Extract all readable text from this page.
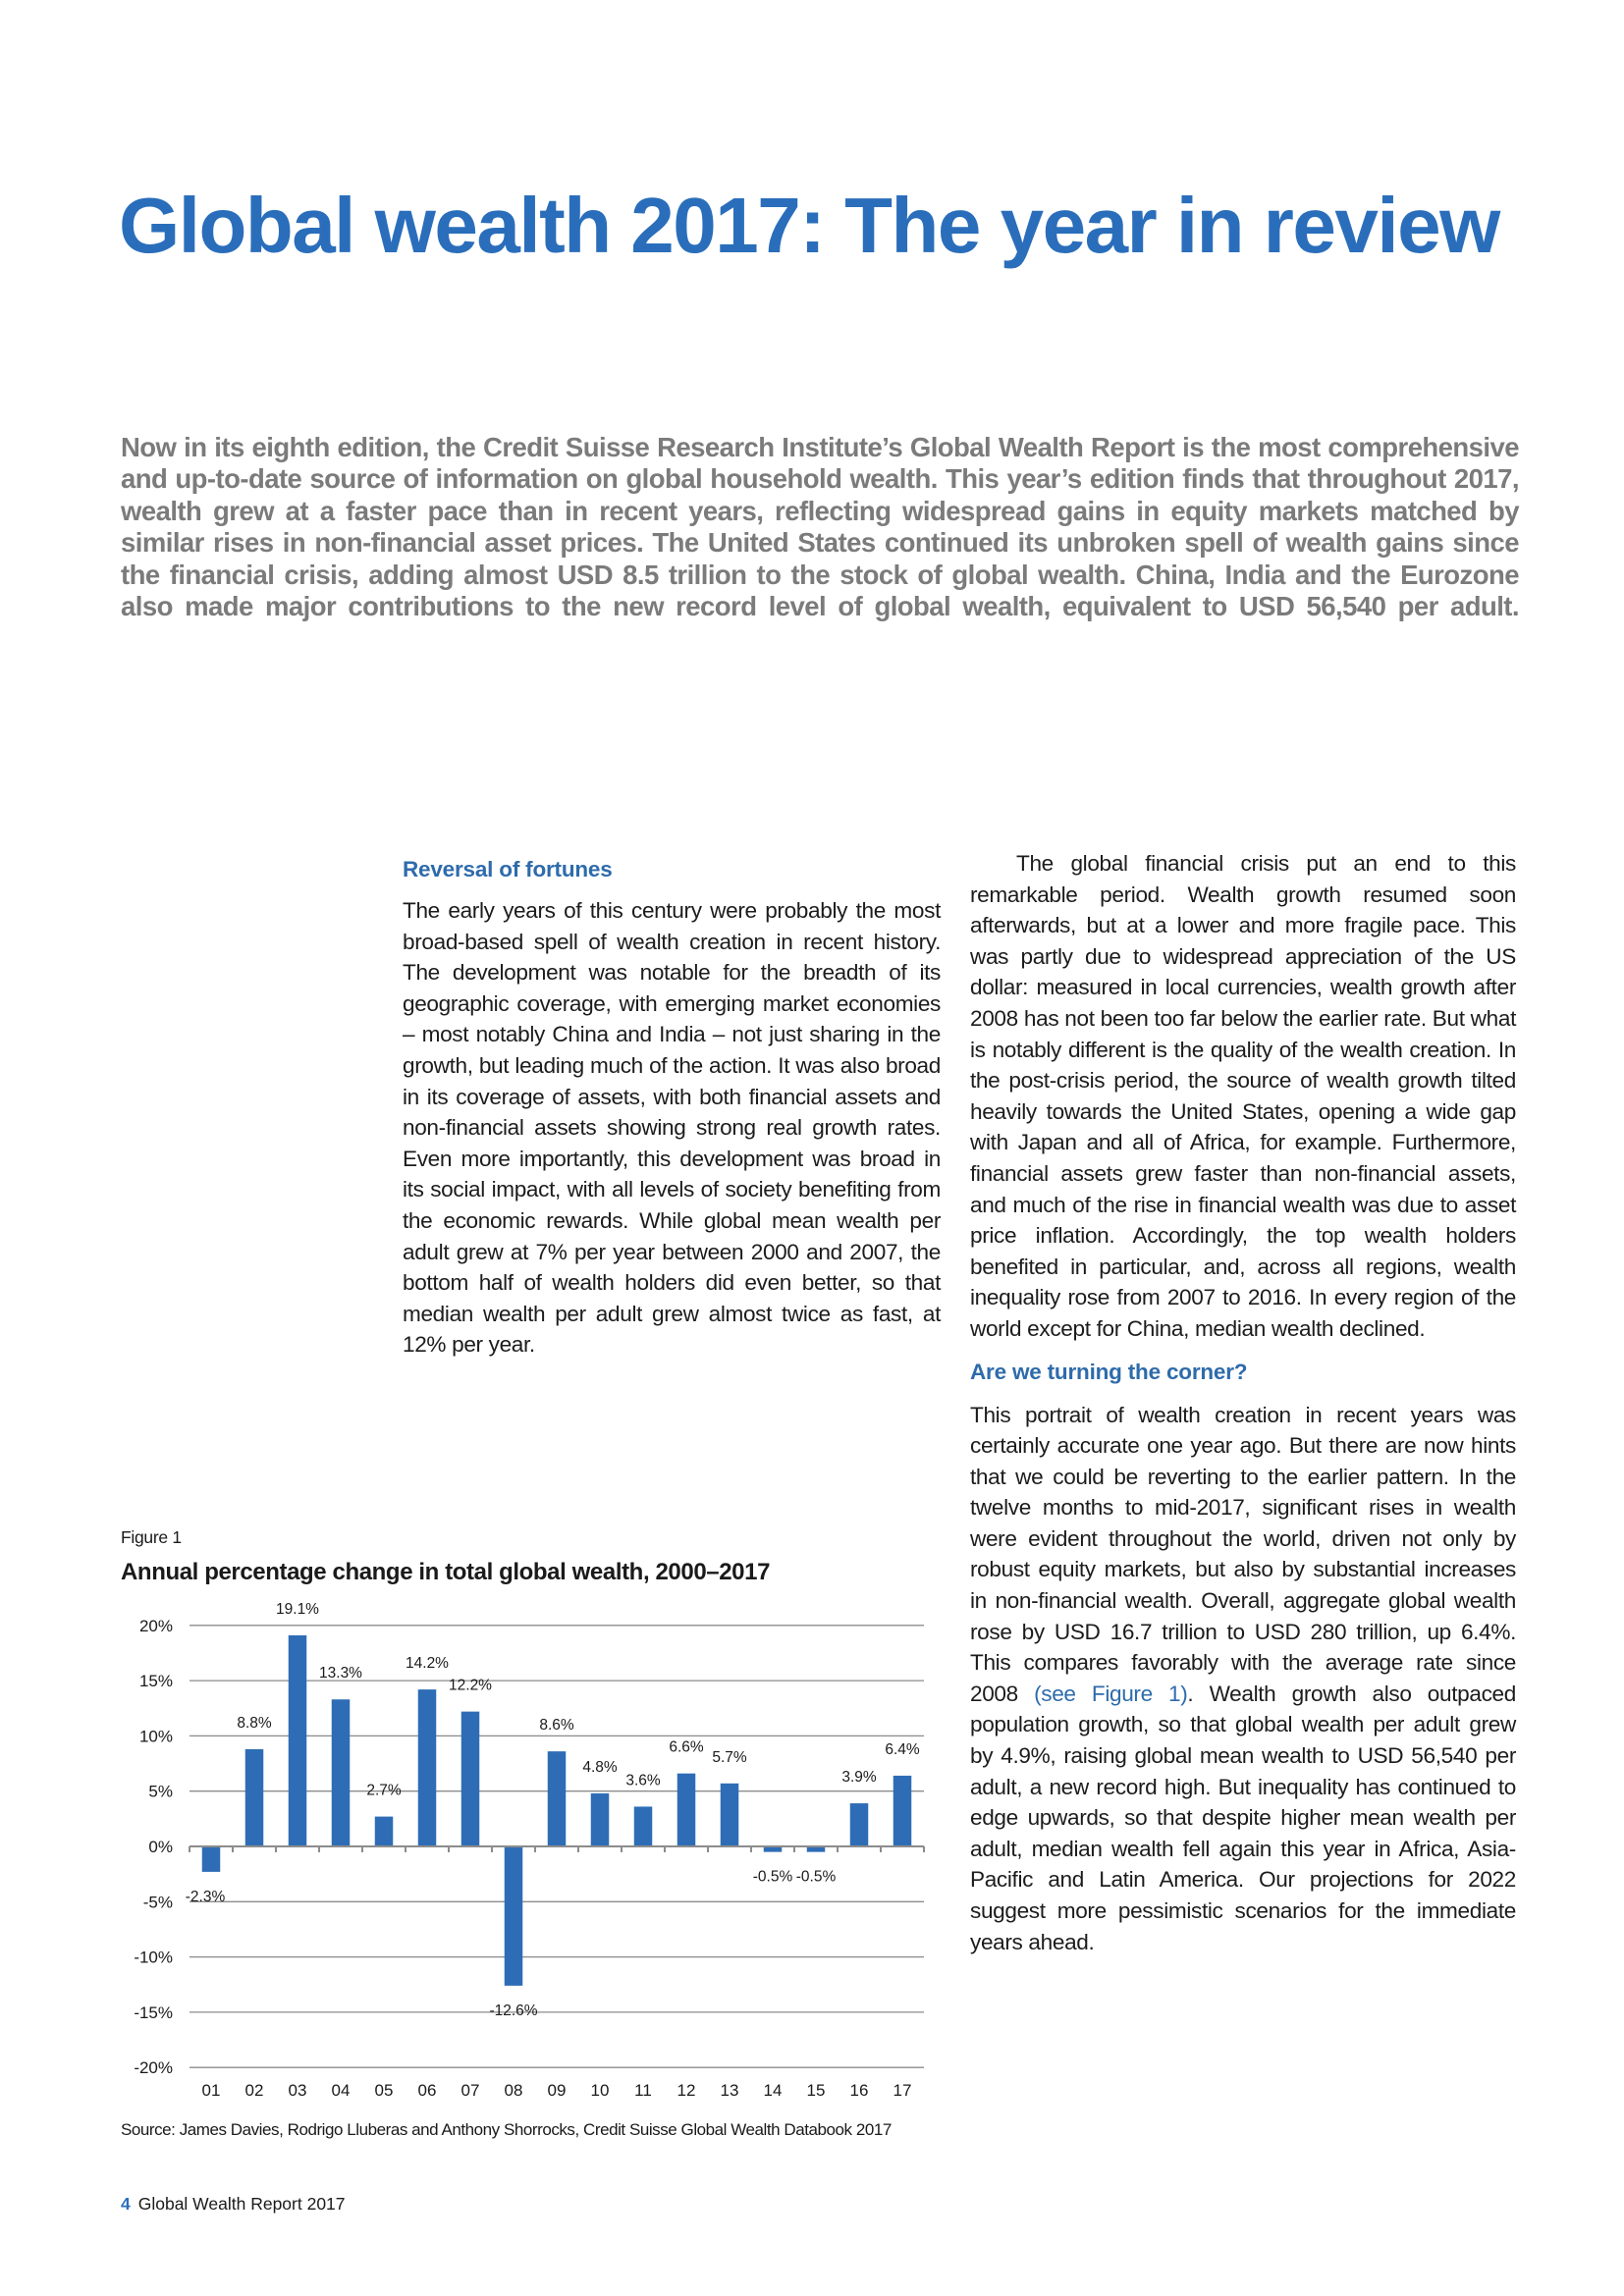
Global wealth 2017: The year in review
Now in its eighth edition, the Credit Suisse Research Institute’s Global Wealth Report is the most comprehensive and up-to-date source of information on global household wealth. This year’s edition finds that throughout 2017, wealth grew at a faster pace than in recent years, reflecting widespread gains in equity markets matched by similar rises in non-financial asset prices. The United States continued its unbroken spell of wealth gains since the financial crisis, adding almost USD 8.5 trillion to the stock of global wealth. China, India and the Eurozone also made major contributions to the new record level of global wealth, equivalent to USD 56,540 per adult.
Reversal of fortunes

The early years of this century were probably the most broad-based spell of wealth creation in recent history. The development was notable for the breadth of its geographic coverage, with emerging market economies – most notably China and India – not just sharing in the growth, but leading much of the action. It was also broad in its coverage of assets, with both financial assets and non-financial assets showing strong real growth rates. Even more importantly, this development was broad in its social impact, with all levels of society benefiting from the economic rewards. While global mean wealth per adult grew at 7% per year between 2000 and 2007, the bottom half of wealth holders did even better, so that median wealth per adult grew almost twice as fast, at 12% per year.

The global financial crisis put an end to this remarkable period. Wealth growth resumed soon afterwards, but at a lower and more fragile pace. This was partly due to widespread appreciation of the US dollar: measured in local currencies, wealth growth after 2008 has not been too far below the earlier rate. But what is notably different is the quality of the wealth creation. In the post-crisis period, the source of wealth growth tilted heavily towards the United States, opening a wide gap with Japan and all of Africa, for example. Furthermore, financial assets grew faster than non-financial assets, and much of the rise in financial wealth was due to asset price inflation. Accordingly, the top wealth holders benefited in particular, and, across all regions, wealth inequality rose from 2007 to 2016. In every region of the world except for China, median wealth declined.

Are we turning the corner?

This portrait of wealth creation in recent years was certainly accurate one year ago. But there are now hints that we could be reverting to the earlier pattern. In the twelve months to mid-2017, significant rises in wealth were evident throughout the world, driven not only by robust equity markets, but also by substantial increases in non-financial wealth. Overall, aggregate global wealth rose by USD 16.7 trillion to USD 280 trillion, up 6.4%. This compares favorably with the average rate since 2008 (see Figure 1). Wealth growth also outpaced population growth, so that global wealth per adult grew by 4.9%, raising global mean wealth to USD 56,540 per adult, a new record high. But inequality has continued to edge upwards, so that despite higher mean wealth per adult, median wealth fell again this year in Africa, Asia-Pacific and Latin America. Our projections for 2022 suggest more pessimistic scenarios for the immediate years ahead.

Figure 1
Annual percentage change in total global wealth, 2000–2017
20%
15%
10%
5%
0%
-5%
-10%
-15%
-20%
-2.3%
01
8.8%
02
19.1%
03
13.3%
04
2.7%
05
14.2%
06
12.2%
07
-12.6%
08
8.6%
09
4.8%
10
3.6%
11
6.6%
12
5.7%
13
-0.5%
14
-0.5%
15
3.9%
16
6.4%
17
Source: James Davies, Rodrigo Lluberas and Anthony Shorrocks, Credit Suisse Global Wealth Databook 2017
4 Global Wealth Report 2017
